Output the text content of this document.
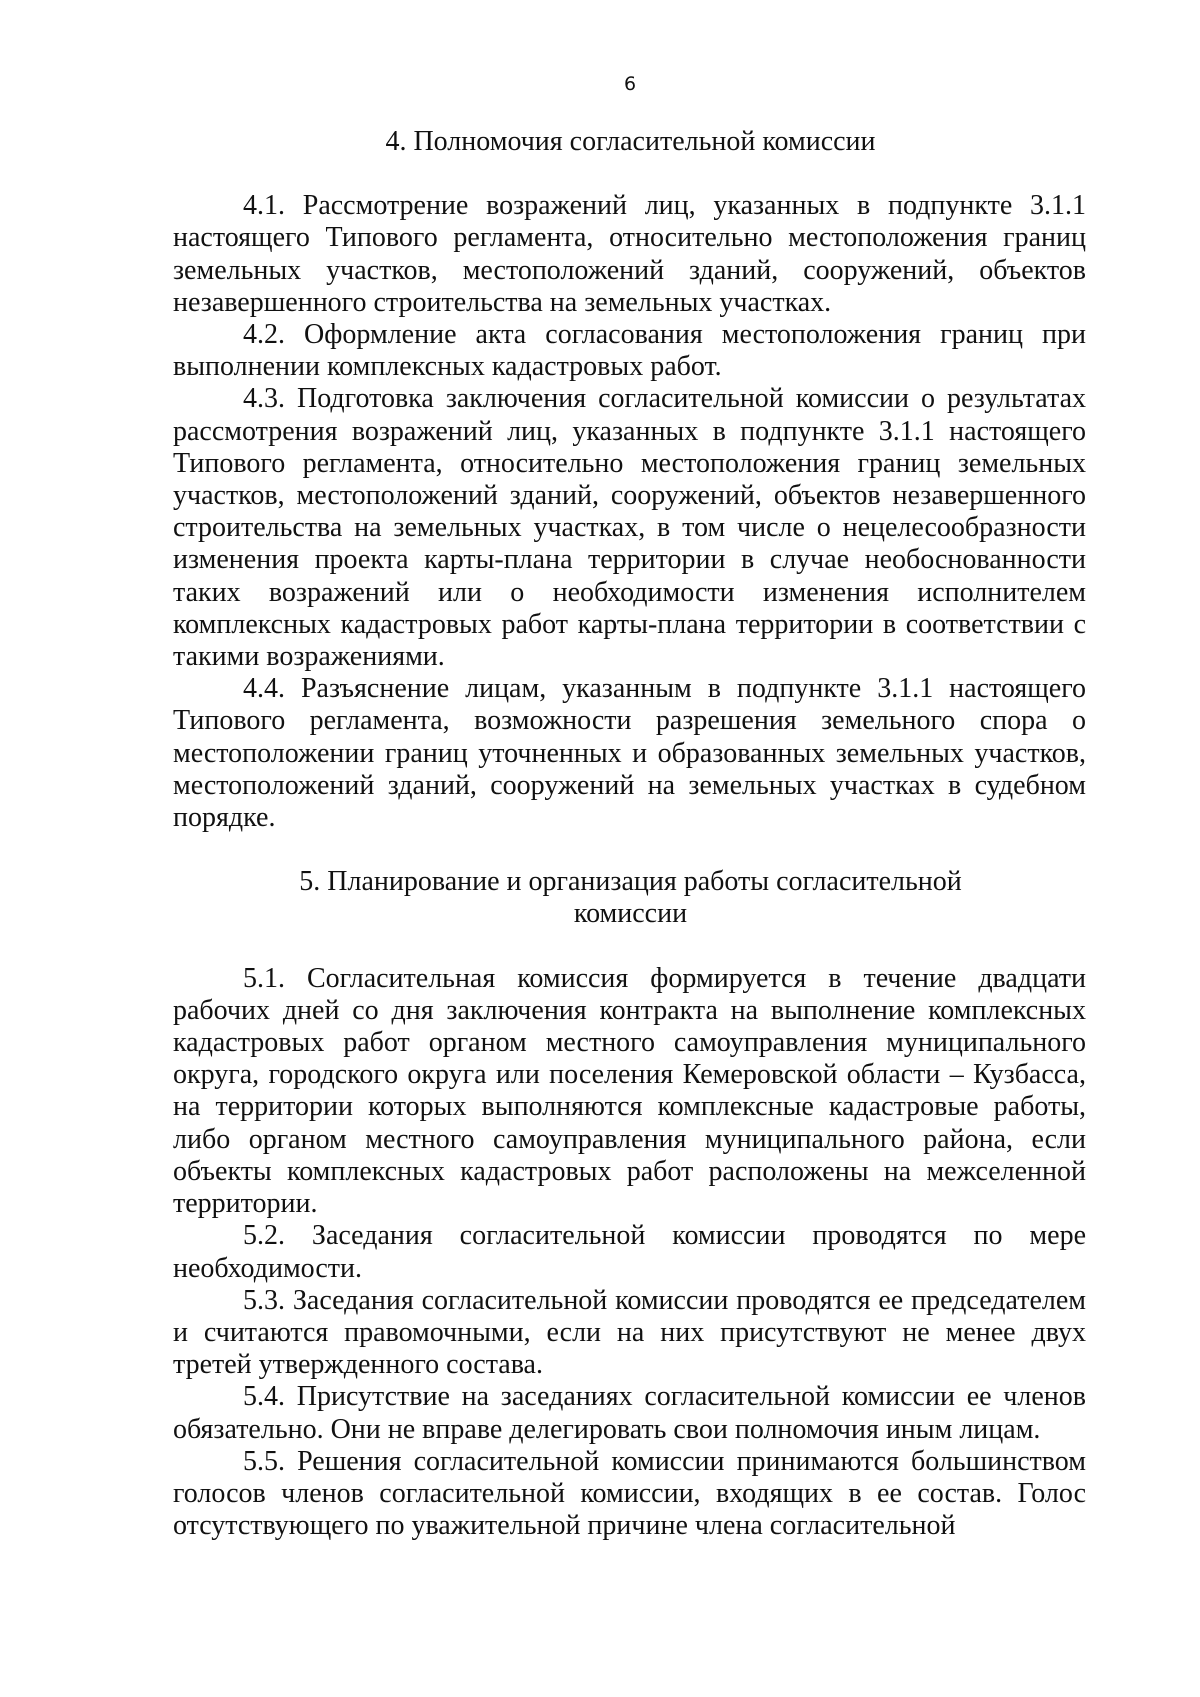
6
4. Полномочия согласительной комиссии

4.1. Рассмотрение возражений лиц, указанных в подпункте 3.1.1 настоящего Типового регламента, относительно местоположения границ земельных участков, местоположений зданий, сооружений, объектов незавершенного строительства на земельных участках.

4.2. Оформление акта согласования местоположения границ при выполнении комплексных кадастровых работ.

4.3. Подготовка заключения согласительной комиссии о результатах рассмотрения возражений лиц, указанных в подпункте 3.1.1 настоящего Типового регламента, относительно местоположения границ земельных участков, местоположений зданий, сооружений, объектов незавершенного строительства на земельных участках, в том числе о нецелесообразности изменения проекта карты-плана территории в случае необоснованности таких возражений или о необходимости изменения исполнителем комплексных кадастровых работ карты-плана территории в соответствии с такими возражениями.

4.4. Разъяснение лицам, указанным в подпункте 3.1.1 настоящего Типового регламента, возможности разрешения земельного спора о местоположении границ уточненных и образованных земельных участков, местоположений зданий, сооружений на земельных участках в судебном порядке.

5. Планирование и организация работы согласительной
комиссии

5.1. Согласительная комиссия формируется в течение двадцати рабочих дней со дня заключения контракта на выполнение комплексных кадастровых работ органом местного самоуправления муниципального округа, городского округа или поселения Кемеровской области – Кузбасса, на территории которых выполняются комплексные кадастровые работы, либо органом местного самоуправления муниципального района, если объекты комплексных кадастровых работ расположены на межселенной территории.

5.2. Заседания согласительной комиссии проводятся по мере необходимости.

5.3. Заседания согласительной комиссии проводятся ее председателем и считаются правомочными, если на них присутствуют не менее двух третей утвержденного состава.

5.4. Присутствие на заседаниях согласительной комиссии ее членов обязательно. Они не вправе делегировать свои полномочия иным лицам.

5.5. Решения согласительной комиссии принимаются большинством голосов членов согласительной комиссии, входящих в ее состав. Голос отсутствующего по уважительной причине члена согласительной
